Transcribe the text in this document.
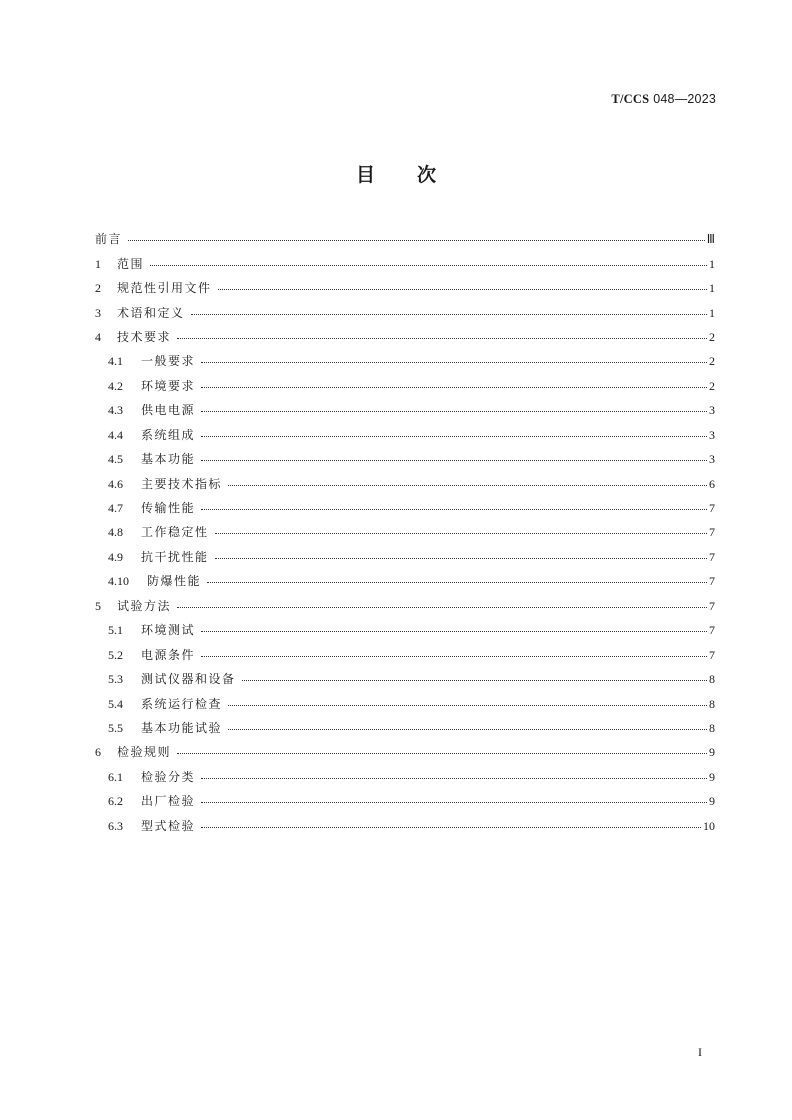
T/CCS 048—2023
目次
前言	Ⅲ
1	范围	1
2	规范性引用文件	1
3	术语和定义	1
4	技术要求	2
4.1	一般要求	2
4.2	环境要求	2
4.3	供电电源	3
4.4	系统组成	3
4.5	基本功能	3
4.6	主要技术指标	6
4.7	传输性能	7
4.8	工作稳定性	7
4.9	抗干扰性能	7
4.10	防爆性能	7
5	试验方法	7
5.1	环境测试	7
5.2	电源条件	7
5.3	测试仪器和设备	8
5.4	系统运行检查	8
5.5	基本功能试验	8
6	检验规则	9
6.1	检验分类	9
6.2	出厂检验	9
6.3	型式检验	10
I
